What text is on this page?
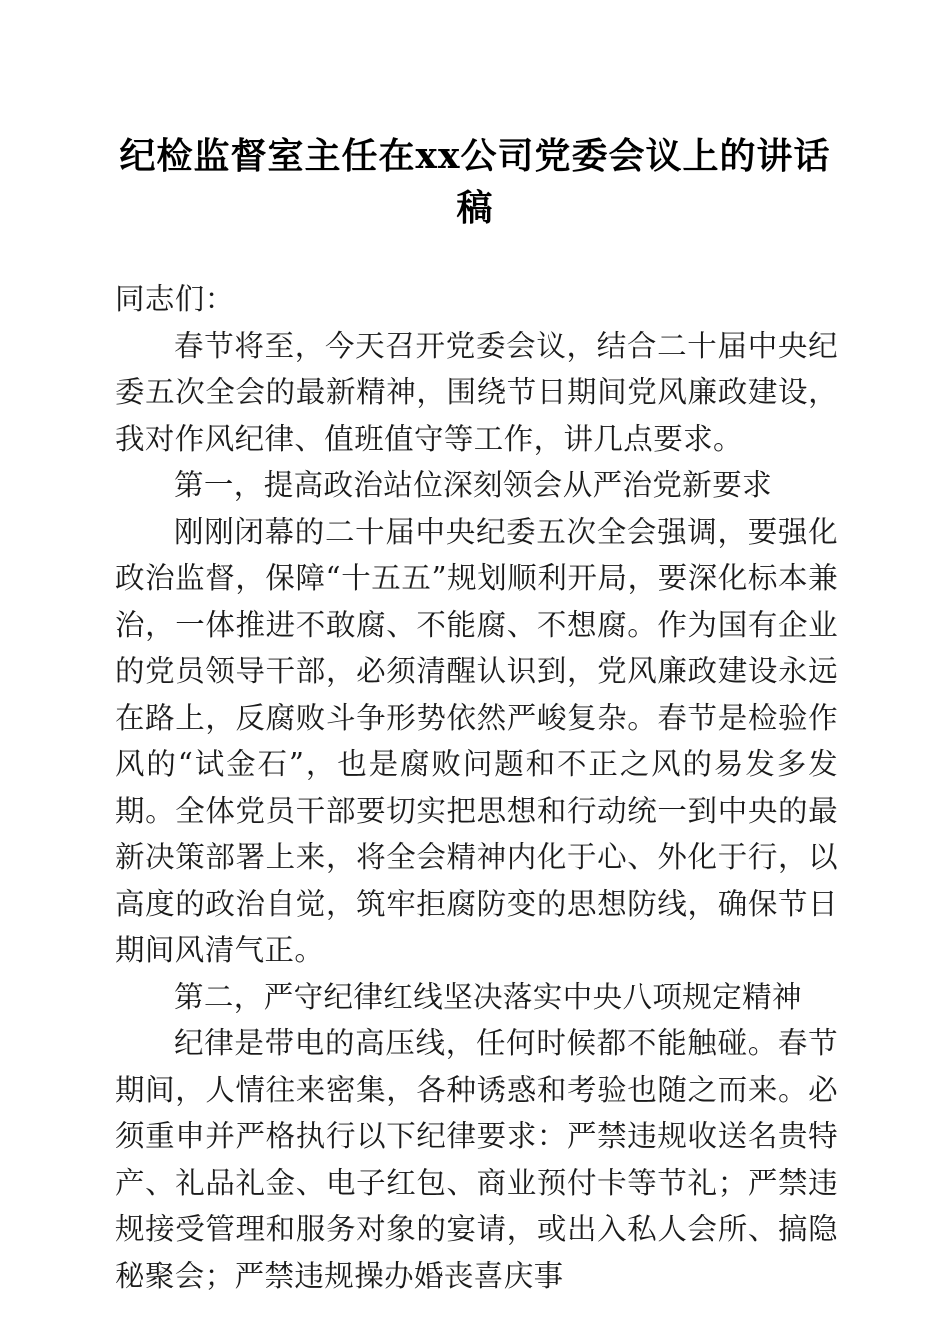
纪检监督室主任在xx公司党委会议上的讲话稿

同志们：

春节将至，今天召开党委会议，结合二十届中央纪委五次全会的最新精神，围绕节日期间党风廉政建设，我对作风纪律、值班值守等工作，讲几点要求。

第一，提高政治站位深刻领会从严治党新要求

刚刚闭幕的二十届中央纪委五次全会强调，要强化政治监督，保障“十五五”规划顺利开局，要深化标本兼治，一体推进不敢腐、不能腐、不想腐。作为国有企业的党员领导干部，必须清醒认识到，党风廉政建设永远在路上，反腐败斗争形势依然严峻复杂。春节是检验作风的“试金石”，也是腐败问题和不正之风的易发多发期。全体党员干部要切实把思想和行动统一到中央的最新决策部署上来，将全会精神内化于心、外化于行，以高度的政治自觉，筑牢拒腐防变的思想防线，确保节日期间风清气正。

第二，严守纪律红线坚决落实中央八项规定精神

纪律是带电的高压线，任何时候都不能触碰。春节期间，人情往来密集，各种诱惑和考验也随之而来。必须重申并严格执行以下纪律要求：严禁违规收送名贵特产、礼品礼金、电子红包、商业预付卡等节礼；严禁违规接受管理和服务对象的宴请，或出入私人会所、搞隐秘聚会；严禁违规操办婚丧喜庆事
